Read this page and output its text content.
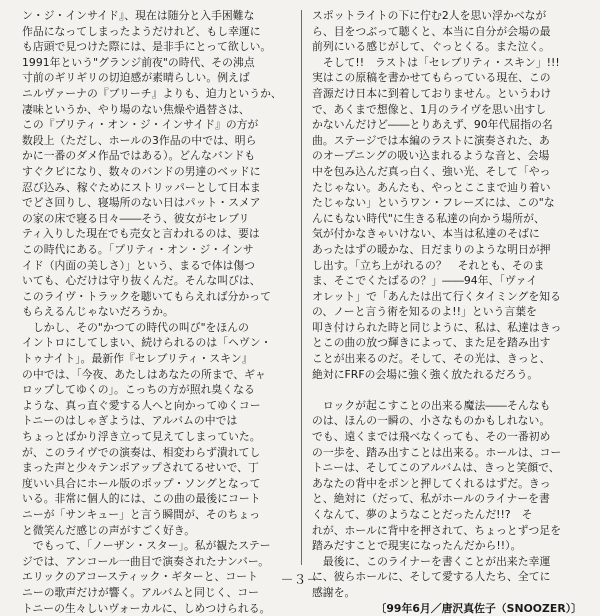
ン・ジ・インサイド』、現在は随分と入手困難な
作品になってしまったようだけれど、もし幸運に
も店頭で見つけた際には、是非手にとって欲しい。
1991年という"グランジ前夜"の時代、その沸点
寸前のギリギリの切迫感が素晴らしい。例えば
ニルヴァーナの『ブリーチ』よりも、迫力というか、
凄味というか、やり場のない焦燥や過替さは、
この『プリティ・オン・ジ・インサイド』の方が
数段上（ただし、ホールの3作品の中では、明ら
かに一番のダメ作品ではある）。どんなバンドも
すぐクビになり、数々のバンドの男達のベッドに
忍び込み、稼ぐためにストリッパーとして日本ま
でどさ回りし、寝場所のない日はパット・スメア
の家の床で寝る日々――そう、彼女がセレブリ
ティ入りした現在でも売女と言われるのは、要は
この時代にある。「プリティ・オン・ジ・インサ
イド（内面の美しさ）」という、まるで体は傷つ
いても、心だけは守り抜くんだ。そんな叫びは、
このライヴ・トラックを聴いてもらえれば分かって
もらえるんじゃないだろうか。
　しかし、その"かつての時代の叫び"をほんの
イントロにしてしまい、続けられるのは「ヘヴン・
トゥナイト」。最新作『セレブリティ・スキン』
の中では、「今夜、あたしはあなたの所まで、ギャ
ロップしてゆくの」。こっちの方が照れ臭くなる
ような、真っ直ぐ愛する人へと向かってゆくコー
トニーのはしゃぎようは、アルバムの中では
ちょっとばかり浮き立って見えてしまっていた。
が、このライヴでの演奏は、相変わらず潰れてし
まった声と少々テンポアップされてるせいで、丁
度いい具合にホール版のポップ・ソングとなって
いる。非常に個人的には、この曲の最後にコート
ニーが「サンキュー」と言う瞬間が、そのちょっ
と微笑んだ感じの声がすごく好き。
　でもって、「ノーザン・スター」。私が観たステー
ジでは、アンコール一曲目で演奏されたナンバー。
エリックのアコースティック・ギターと、コート
ニーの歌声だけが響く。アルバムと同じく、コー
トニーの生々しいヴォーカルに、しめつけられる。
スポットライトの下に佇む2人を思い浮かべなが
ら、目をつぶって聴くと、本当に自分が会場の最
前列にいる感じがして、ぐっとくる。また泣く。
　そして!!　ラストは「セレブリティ・スキン」!!!
実はこの原稿を書かせてもらっている現在、この
音源だけ日本に到着しておりません。というわけ
で、あくまで想像と、1月のライヴを思い出すし
かないんだけど――とりあえず、90年代屈指の名
曲。ステージでは本編のラストに演奏された、あ
のオープニングの吸い込まれるような音と、会場
中を包み込んだ真っ白く、強い光、そして「やっ
たじゃない。あんたも、やっとここまで辿り着い
たじゃない」というワン・フレーズには、この"な
んにもない時代"に生きる私達の向かう場所が、
気が付かなきゃいけない、本当は私達のそばに
あったはずの暖かな、日だまりのような明日が押
し出す。「立ち上がれるの？　それとも、そのま
ま、そこでくたばるの？」――94年、「ヴァイ
オレット」で「あんたは出て行くタイミングを知る
の、ノーと言う術を知るのよ!!」という言葉を
叩き付けられた時と同じように、私は、私達はきっ
とこの曲の放つ輝きによって、また足を踏み出す
ことが出来るのだ。そして、その光は、きっと、
絶対にFRFの会場に強く強く放たれるだろう。
　ロックが起こすことの出来る魔法――そんなも
のは、ほんの一瞬の、小さなものかもしれない。
でも、遠くまでは飛べなくっても、その一番初め
の一歩を、踏み出すことは出来る。ホールは、コー
トニーは、そしてこのアルバムは、きっと笑顔で、
あなたの背中をポンと押してくれるはずだ。きっ
と、絶対に（だって、私がホールのライナーを書
くなんて、夢のようなことだったんだ!!?　そ
れが、ホールに背中を押されて、ちょっとずつ足を
踏みだすことで現実になったんだから!!）。
　最後に、このライナーを書くことが出来た幸運
に、彼らホールに、そして愛する人たち、全てに
感謝を。
〔99年6月／唐沢真佐子（SNOOZER）〕
－３－
